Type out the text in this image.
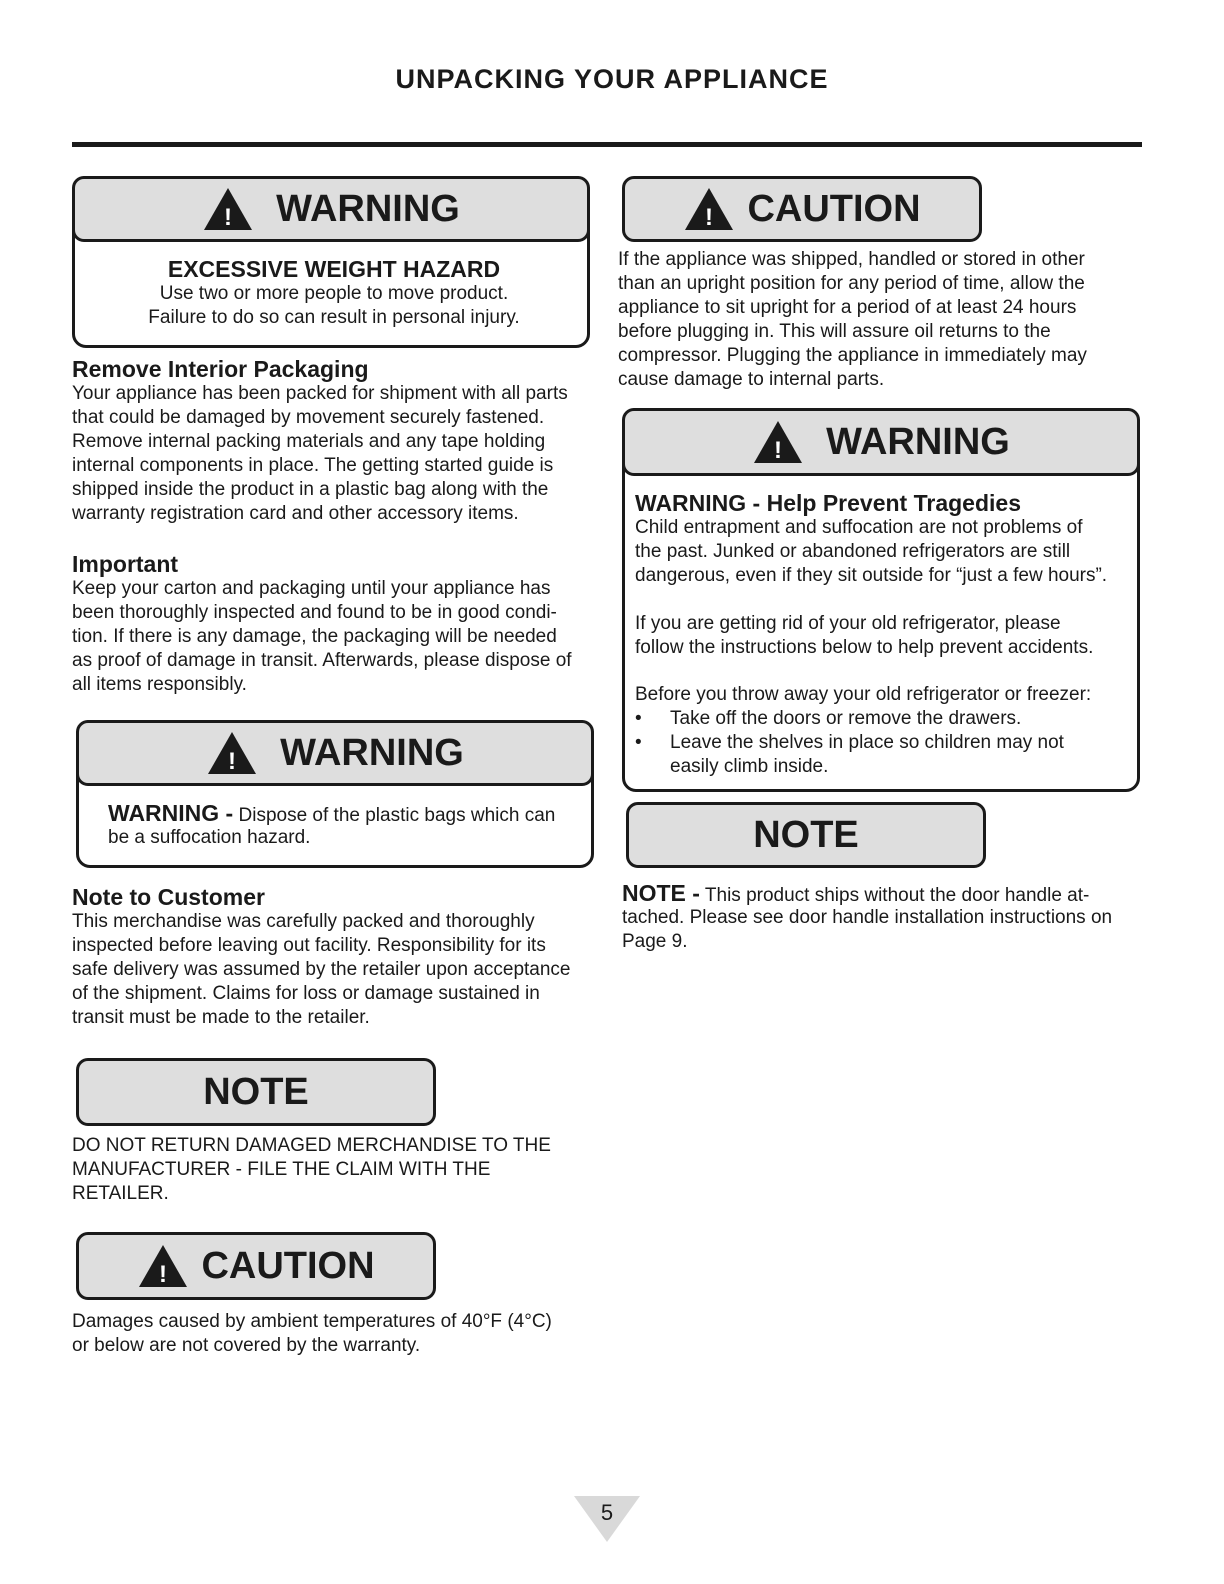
UNPACKING YOUR APPLIANCE
! WARNING
EXCESSIVE WEIGHT HAZARD
Use two or more people to move product.
Failure to do so can result in personal injury.
Remove Interior Packaging
Your appliance has been packed for shipment with all parts
that could be damaged by movement securely fastened.
Remove internal packing materials and any tape holding
internal components in place. The getting started guide is
shipped inside the product in a plastic bag along with the
warranty registration card and other accessory items.
Important
Keep your carton and packaging until your appliance has
been thoroughly inspected and found to be in good condi-
tion. If there is any damage, the packaging will be needed
as proof of damage in transit. Afterwards, please dispose of
all items responsibly.
! WARNING
WARNING - Dispose of the plastic bags which can
be a suffocation hazard.
Note to Customer
This merchandise was carefully packed and thoroughly
inspected before leaving out facility. Responsibility for its
safe delivery was assumed by the retailer upon acceptance
of the shipment. Claims for loss or damage sustained in
transit must be made to the retailer.
NOTE
DO NOT RETURN DAMAGED MERCHANDISE TO THE
MANUFACTURER - FILE THE CLAIM WITH THE
RETAILER.
! CAUTION
Damages caused by ambient temperatures of 40°F (4°C)
or below are not covered by the warranty.
! CAUTION
If the appliance was shipped, handled or stored in other
than an upright position for any period of time, allow the
appliance to sit upright for a period of at least 24 hours
before plugging in. This will assure oil returns to the
compressor. Plugging the appliance in immediately may
cause damage to internal parts.
! WARNING
WARNING - Help Prevent Tragedies
Child entrapment and suffocation are not problems of
the past. Junked or abandoned refrigerators are still
dangerous, even if they sit outside for “just a few hours”.
If you are getting rid of your old refrigerator, please
follow the instructions below to help prevent accidents.
Before you throw away your old refrigerator or freezer:
• Take off the doors or remove the drawers.
• Leave the shelves in place so children may not
easily climb inside.
NOTE
NOTE - This product ships without the door handle at-
tached. Please see door handle installation instructions on
Page 9.
5
